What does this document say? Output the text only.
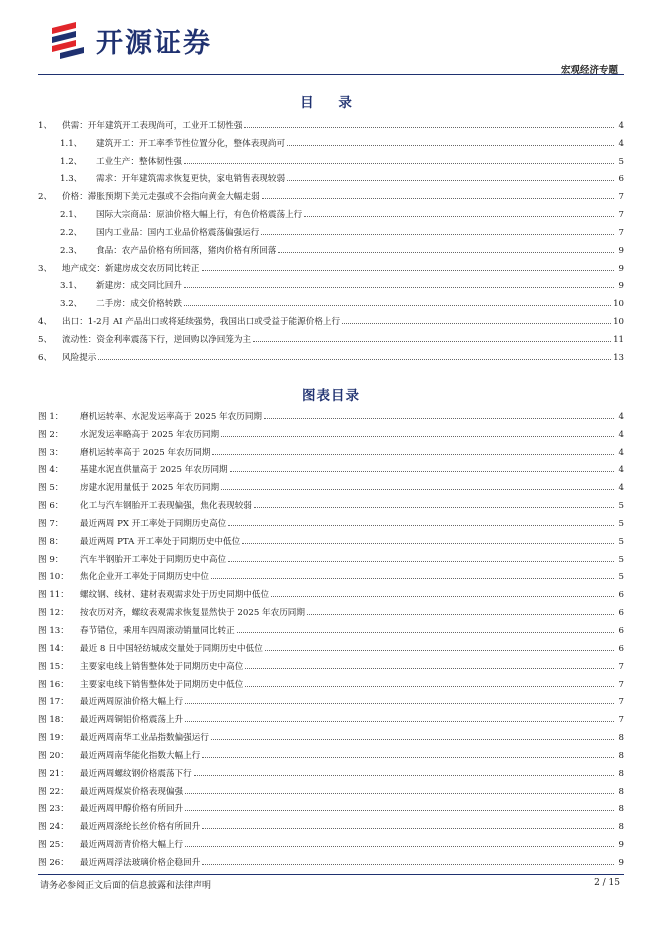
开源证券
宏观经济专题
目 录
1、	供需：开年建筑开工表现尚可，工业开工韧性强	4
1.1、	建筑开工：开工率季节性位置分化，整体表现尚可	4
1.2、	工业生产：整体韧性强	5
1.3、	需求：开年建筑需求恢复更快，家电销售表现较弱	6
2、	价格：滞胀预期下美元走强或不会指向黄金大幅走弱	7
2.1、	国际大宗商品：原油价格大幅上行，有色价格震荡上行	7
2.2、	国内工业品：国内工业品价格震荡偏强运行	7
2.3、	食品：农产品价格有所回落，猪肉价格有所回落	9
3、	地产成交：新建房成交农历同比转正	9
3.1、	新建房：成交同比回升	9
3.2、	二手房：成交价格转跌	10
4、	出口：1-2月 AI 产品出口或将延续强势，我国出口或受益于能源价格上行	10
5、	流动性：资金利率震荡下行，逆回购以净回笼为主	11
6、	风险提示	13
图表目录
图 1：	磨机运转率、水泥发运率高于 2025 年农历同期	4
图 2：	水泥发运率略高于 2025 年农历同期	4
图 3：	磨机运转率高于 2025 年农历同期	4
图 4：	基建水泥直供量高于 2025 年农历同期	4
图 5：	房建水泥用量低于 2025 年农历同期	4
图 6：	化工与汽车钢胎开工表现偏强，焦化表现较弱	5
图 7：	最近两周 PX 开工率处于同期历史高位	5
图 8：	最近两周 PTA 开工率处于同期历史中低位	5
图 9：	汽车半钢胎开工率处于同期历史中高位	5
图 10：	焦化企业开工率处于同期历史中位	5
图 11：	螺纹钢、线材、建材表观需求处于历史同期中低位	6
图 12：	按农历对齐，螺纹表观需求恢复显然快于 2025 年农历同期	6
图 13：	春节错位，乘用车四周滚动销量同比转正	6
图 14：	最近 8 日中国轻纺城成交量处于同期历史中低位	6
图 15：	主要家电线上销售整体处于同期历史中高位	7
图 16：	主要家电线下销售整体处于同期历史中低位	7
图 17：	最近两周原油价格大幅上行	7
图 18：	最近两周铜铝价格震荡上升	7
图 19：	最近两周南华工业品指数偏强运行	8
图 20：	最近两周南华能化指数大幅上行	8
图 21：	最近两周螺纹钢价格震荡下行	8
图 22：	最近两周煤炭价格表现偏强	8
图 23：	最近两周甲醇价格有所回升	8
图 24：	最近两周涤纶长丝价格有所回升	8
图 25：	最近两周沥青价格大幅上行	9
图 26：	最近两周浮法玻璃价格企稳回升	9
请务必参阅正文后面的信息披露和法律声明	2 / 15
